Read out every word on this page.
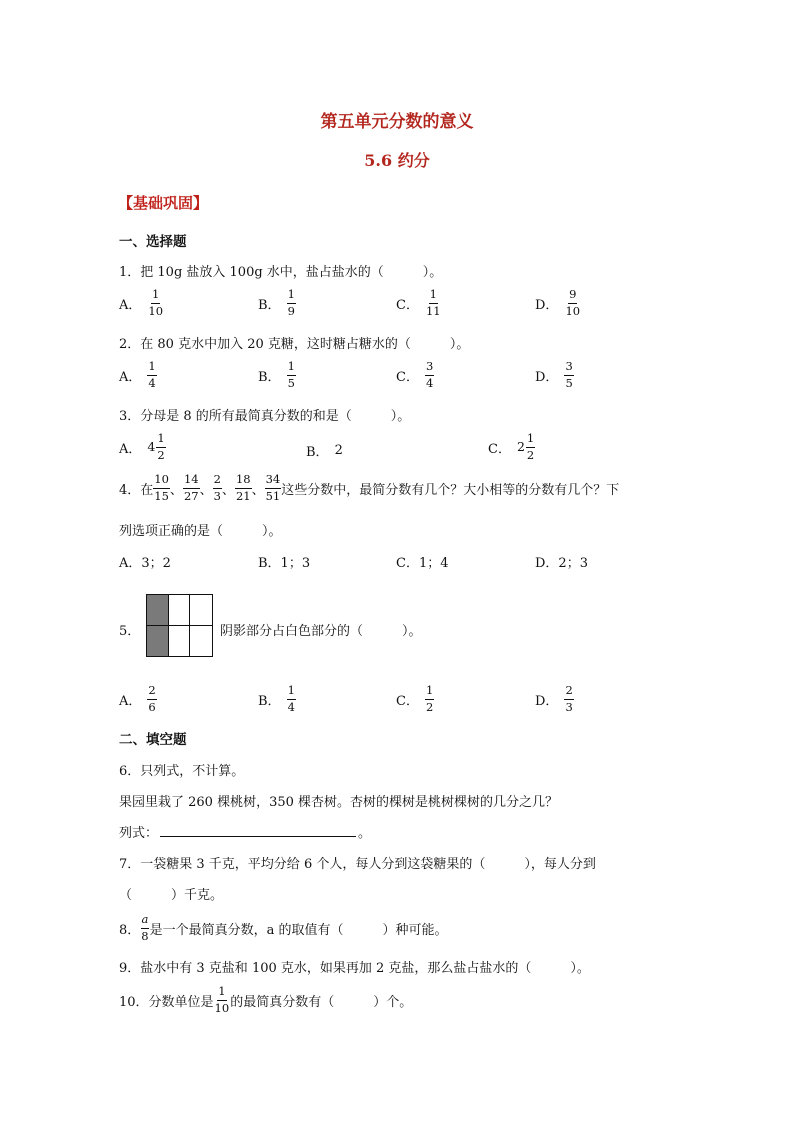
第五单元分数的意义
5.6 约分
【基础巩固】
一、选择题
1．把 10g 盐放入 100g 水中，盐占盐水的（　　　）。
A． $\frac{1}{10}$	B． $\frac{1}{9}$	C． $\frac{1}{11}$	D． $\frac{9}{10}$
2．在 80 克水中加入 20 克糖，这时糖占糖水的（　　　）。
A． $\frac{1}{4}$	B． $\frac{1}{5}$	C． $\frac{3}{4}$	D． $\frac{3}{5}$
3．分母是 8 的所有最简真分数的和是（　　　）。
A． $4 \frac{1}{2}$	B． 2	C． $2 \frac{1}{2}$
4．在 $\frac{10}{15}$ 、 $\frac{14}{27}$ 、 $\frac{2}{3}$ 、 $\frac{18}{21}$ 、 $\frac{34}{51}$ 这些分数中，最简分数有几个？大小相等的分数有几个？下
列选项正确的是（　　　）。
A．3；2	B．1；3	C．1；4	D．2；3
5．	阴影部分占白色部分的（　　　）。
A． $\frac{2}{6}$	B． $\frac{1}{4}$	C． $\frac{1}{2}$	D． $\frac{2}{3}$
二、填空题
6．只列式，不计算。
果园里栽了 260 棵桃树，350 棵杏树。杏树的棵树是桃树棵树的几分之几？
列式：	。
7．一袋糖果 3 千克，平均分给 6 个人，每人分到这袋糖果的（　　　），每人分到
（　　　）千克。
8． $\frac{a}{8}$ 是一个最简真分数，a 的取值有（　　　）种可能。
9．盐水中有 3 克盐和 100 克水，如果再加 2 克盐，那么盐占盐水的（　　　）。
10．分数单位是 $\frac{1}{10}$ 的最简真分数有（　　　）个。
